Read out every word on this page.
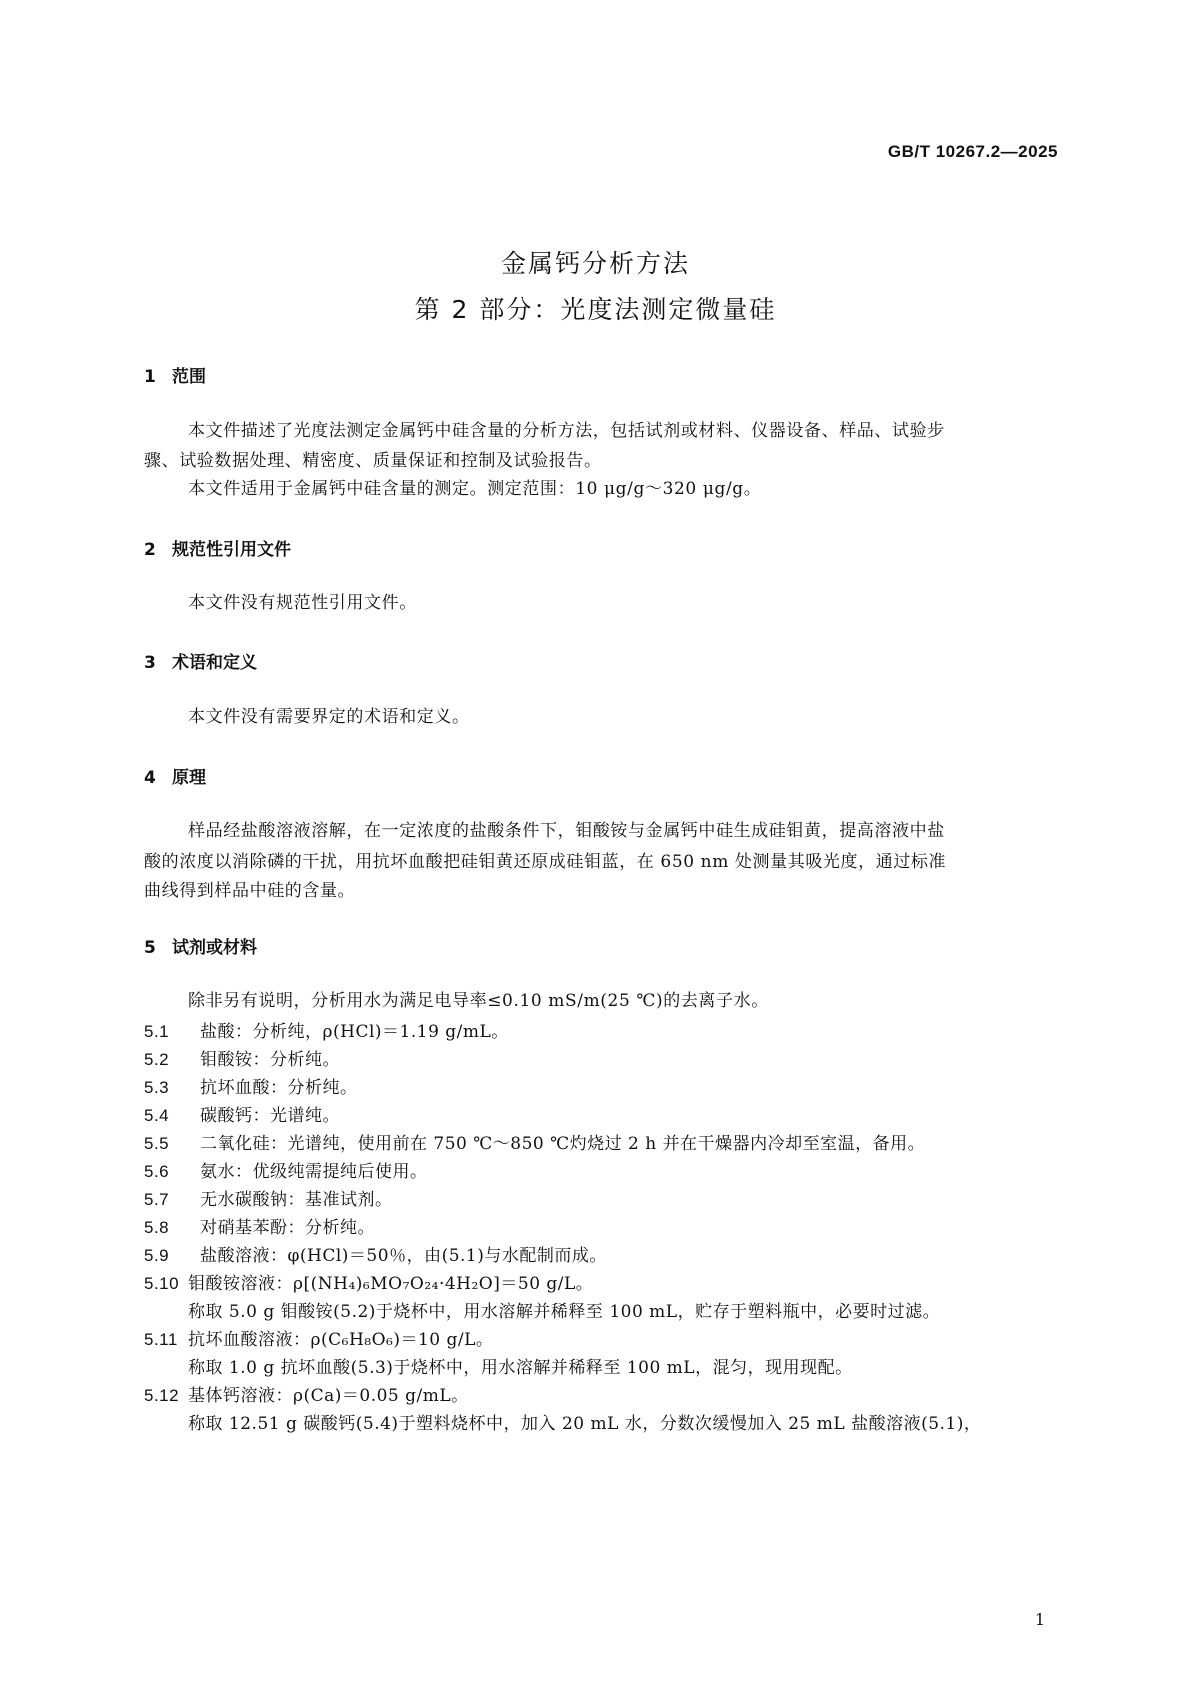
GB/T 10267.2—2025
金属钙分析方法
第 2 部分：光度法测定微量硅
1 范围
本文件描述了光度法测定金属钙中硅含量的分析方法，包括试剂或材料、仪器设备、样品、试验步
骤、试验数据处理、精密度、质量保证和控制及试验报告。
本文件适用于金属钙中硅含量的测定。测定范围：10 μg/g～320 μg/g。
2 规范性引用文件
本文件没有规范性引用文件。
3 术语和定义
本文件没有需要界定的术语和定义。
4 原理
样品经盐酸溶液溶解，在一定浓度的盐酸条件下，钼酸铵与金属钙中硅生成硅钼黄，提高溶液中盐
酸的浓度以消除磷的干扰，用抗坏血酸把硅钼黄还原成硅钼蓝，在 650 nm 处测量其吸光度，通过标准
曲线得到样品中硅的含量。
5 试剂或材料
除非另有说明，分析用水为满足电导率≤0.10 mS/m(25 ℃)的去离子水。
5.1 盐酸：分析纯，ρ(HCl)＝1.19 g/mL。
5.2 钼酸铵：分析纯。
5.3 抗坏血酸：分析纯。
5.4 碳酸钙：光谱纯。
5.5 二氧化硅：光谱纯，使用前在 750 ℃～850 ℃灼烧过 2 h 并在干燥器内冷却至室温，备用。
5.6 氨水：优级纯需提纯后使用。
5.7 无水碳酸钠：基准试剂。
5.8 对硝基苯酚：分析纯。
5.9 盐酸溶液：φ(HCl)＝50％，由(5.1)与水配制而成。
5.10 钼酸铵溶液：ρ[(NH₄)₆MO₇O₂₄·4H₂O]＝50 g/L。
称取 5.0 g 钼酸铵(5.2)于烧杯中，用水溶解并稀释至 100 mL，贮存于塑料瓶中，必要时过滤。
5.11 抗坏血酸溶液：ρ(C₆H₈O₆)＝10 g/L。
称取 1.0 g 抗坏血酸(5.3)于烧杯中，用水溶解并稀释至 100 mL，混匀，现用现配。
5.12 基体钙溶液：ρ(Ca)＝0.05 g/mL。
称取 12.51 g 碳酸钙(5.4)于塑料烧杯中，加入 20 mL 水，分数次缓慢加入 25 mL 盐酸溶液(5.1)，
1
